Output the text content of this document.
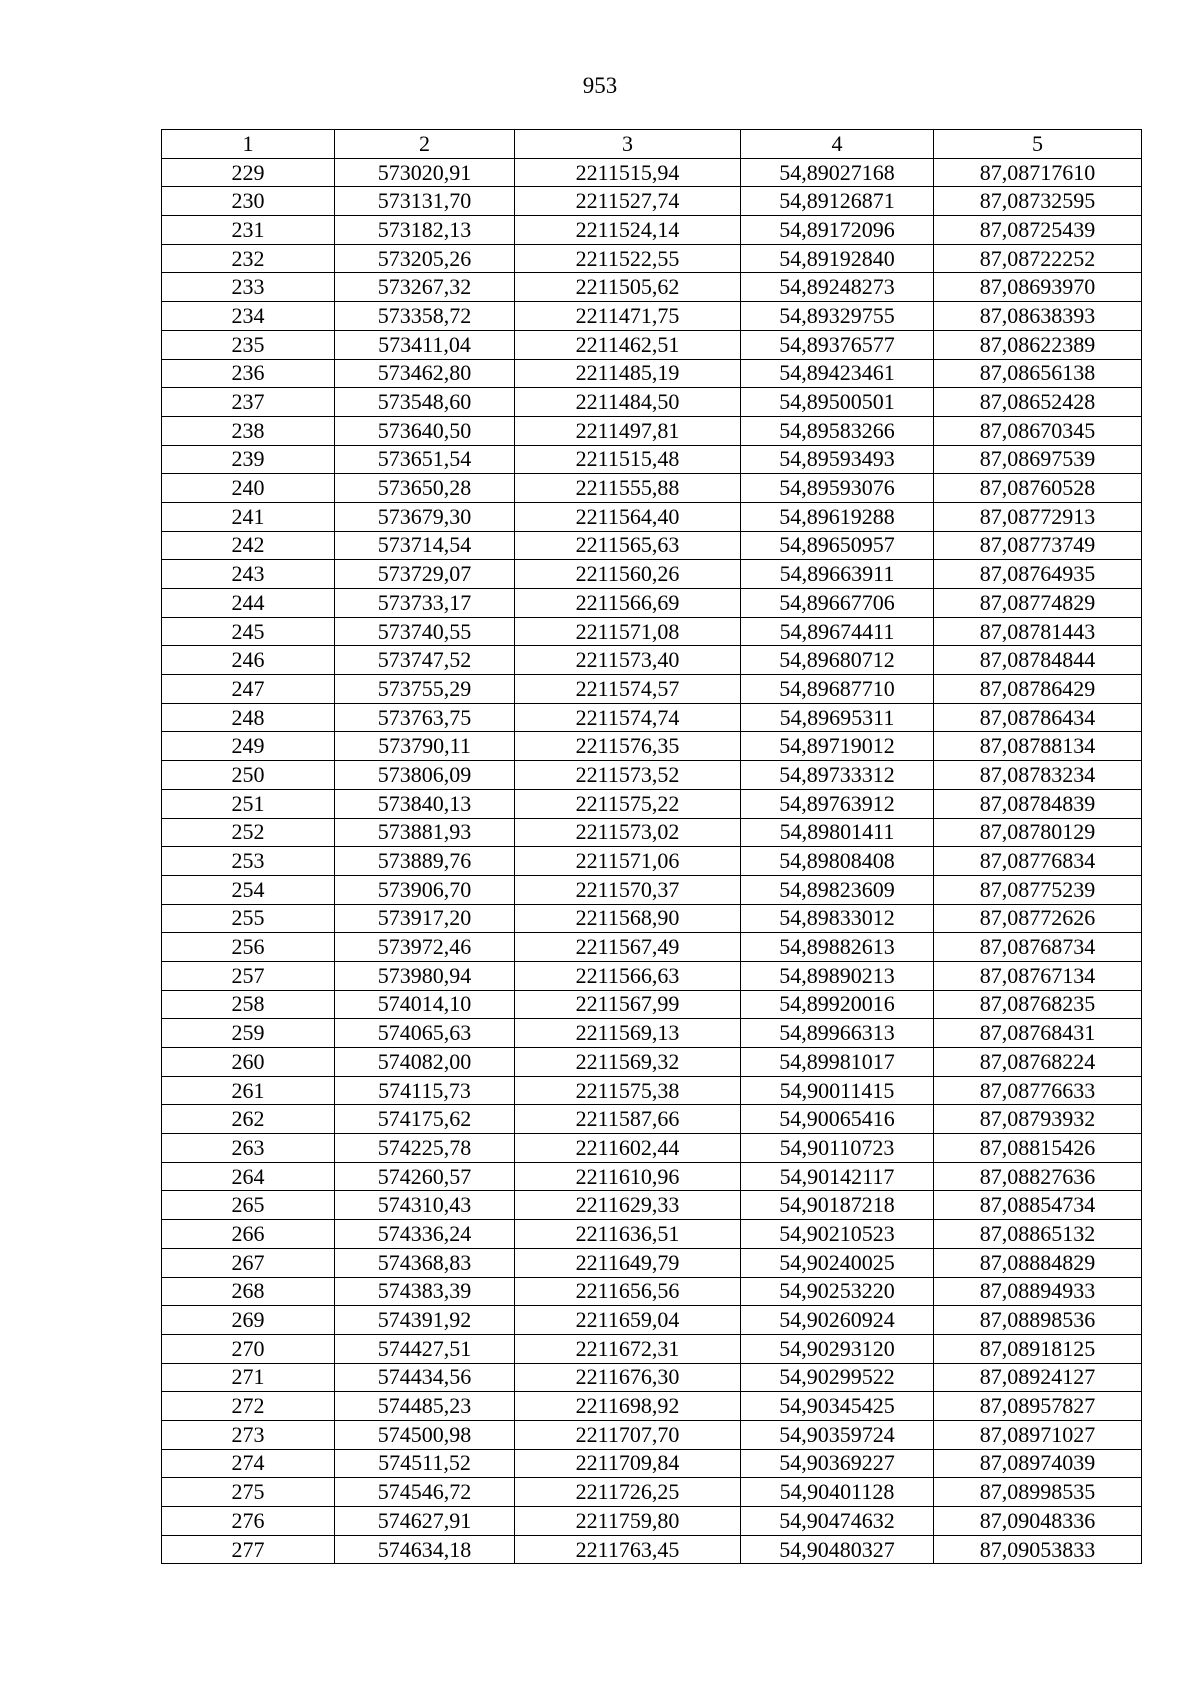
953
1	2	3	4	5
229	573020,91	2211515,94	54,89027168	87,08717610
230	573131,70	2211527,74	54,89126871	87,08732595
231	573182,13	2211524,14	54,89172096	87,08725439
232	573205,26	2211522,55	54,89192840	87,08722252
233	573267,32	2211505,62	54,89248273	87,08693970
234	573358,72	2211471,75	54,89329755	87,08638393
235	573411,04	2211462,51	54,89376577	87,08622389
236	573462,80	2211485,19	54,89423461	87,08656138
237	573548,60	2211484,50	54,89500501	87,08652428
238	573640,50	2211497,81	54,89583266	87,08670345
239	573651,54	2211515,48	54,89593493	87,08697539
240	573650,28	2211555,88	54,89593076	87,08760528
241	573679,30	2211564,40	54,89619288	87,08772913
242	573714,54	2211565,63	54,89650957	87,08773749
243	573729,07	2211560,26	54,89663911	87,08764935
244	573733,17	2211566,69	54,89667706	87,08774829
245	573740,55	2211571,08	54,89674411	87,08781443
246	573747,52	2211573,40	54,89680712	87,08784844
247	573755,29	2211574,57	54,89687710	87,08786429
248	573763,75	2211574,74	54,89695311	87,08786434
249	573790,11	2211576,35	54,89719012	87,08788134
250	573806,09	2211573,52	54,89733312	87,08783234
251	573840,13	2211575,22	54,89763912	87,08784839
252	573881,93	2211573,02	54,89801411	87,08780129
253	573889,76	2211571,06	54,89808408	87,08776834
254	573906,70	2211570,37	54,89823609	87,08775239
255	573917,20	2211568,90	54,89833012	87,08772626
256	573972,46	2211567,49	54,89882613	87,08768734
257	573980,94	2211566,63	54,89890213	87,08767134
258	574014,10	2211567,99	54,89920016	87,08768235
259	574065,63	2211569,13	54,89966313	87,08768431
260	574082,00	2211569,32	54,89981017	87,08768224
261	574115,73	2211575,38	54,90011415	87,08776633
262	574175,62	2211587,66	54,90065416	87,08793932
263	574225,78	2211602,44	54,90110723	87,08815426
264	574260,57	2211610,96	54,90142117	87,08827636
265	574310,43	2211629,33	54,90187218	87,08854734
266	574336,24	2211636,51	54,90210523	87,08865132
267	574368,83	2211649,79	54,90240025	87,08884829
268	574383,39	2211656,56	54,90253220	87,08894933
269	574391,92	2211659,04	54,90260924	87,08898536
270	574427,51	2211672,31	54,90293120	87,08918125
271	574434,56	2211676,30	54,90299522	87,08924127
272	574485,23	2211698,92	54,90345425	87,08957827
273	574500,98	2211707,70	54,90359724	87,08971027
274	574511,52	2211709,84	54,90369227	87,08974039
275	574546,72	2211726,25	54,90401128	87,08998535
276	574627,91	2211759,80	54,90474632	87,09048336
277	574634,18	2211763,45	54,90480327	87,09053833
